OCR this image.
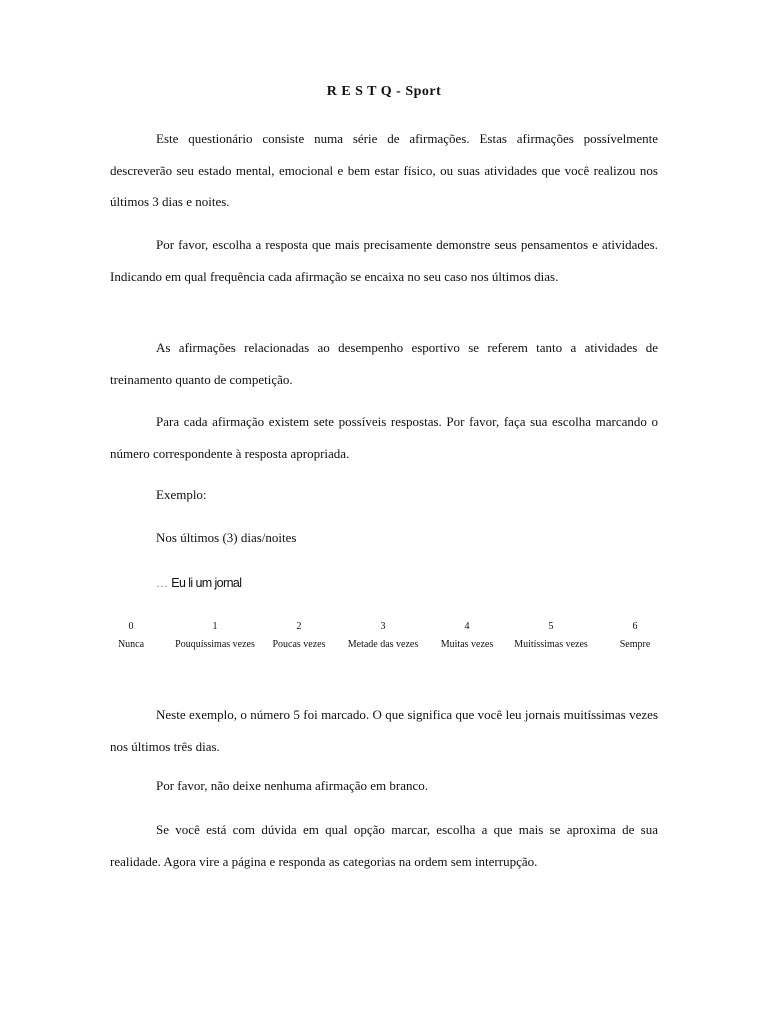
R E S T Q - Sport
Este questionário consiste numa série de afirmações. Estas afirmações possívelmente descreverão seu estado mental, emocional e bem estar físico, ou suas atividades que você realizou nos últimos 3 dias e noites.
Por favor, escolha a resposta que mais precisamente demonstre seus pensamentos e atividades. Indicando em qual frequência cada afirmação se encaixa no seu caso nos últimos dias.
As afirmações relacionadas ao desempenho esportivo se referem tanto a atividades de treinamento quanto de competição.
Para cada afirmação existem sete possíveis respostas. Por favor, faça sua escolha marcando o número correspondente à resposta apropriada.
Exemplo:
Nos últimos (3) dias/noites
… Eu li um jornal
0
Nunca
1
Pouquíssimas vezes
2
Poucas vezes
3
Metade das vezes
4
Muitas vezes
5
Muitíssimas vezes
6
Sempre
Neste exemplo, o número 5 foi marcado. O que significa que você leu jornais muitíssimas vezes nos últimos três dias.
Por favor, não deixe nenhuma afirmação em branco.
Se você está com dúvida em qual opção marcar, escolha a que mais se aproxima de sua realidade. Agora vire a página e responda as categorias na ordem sem interrupção.
